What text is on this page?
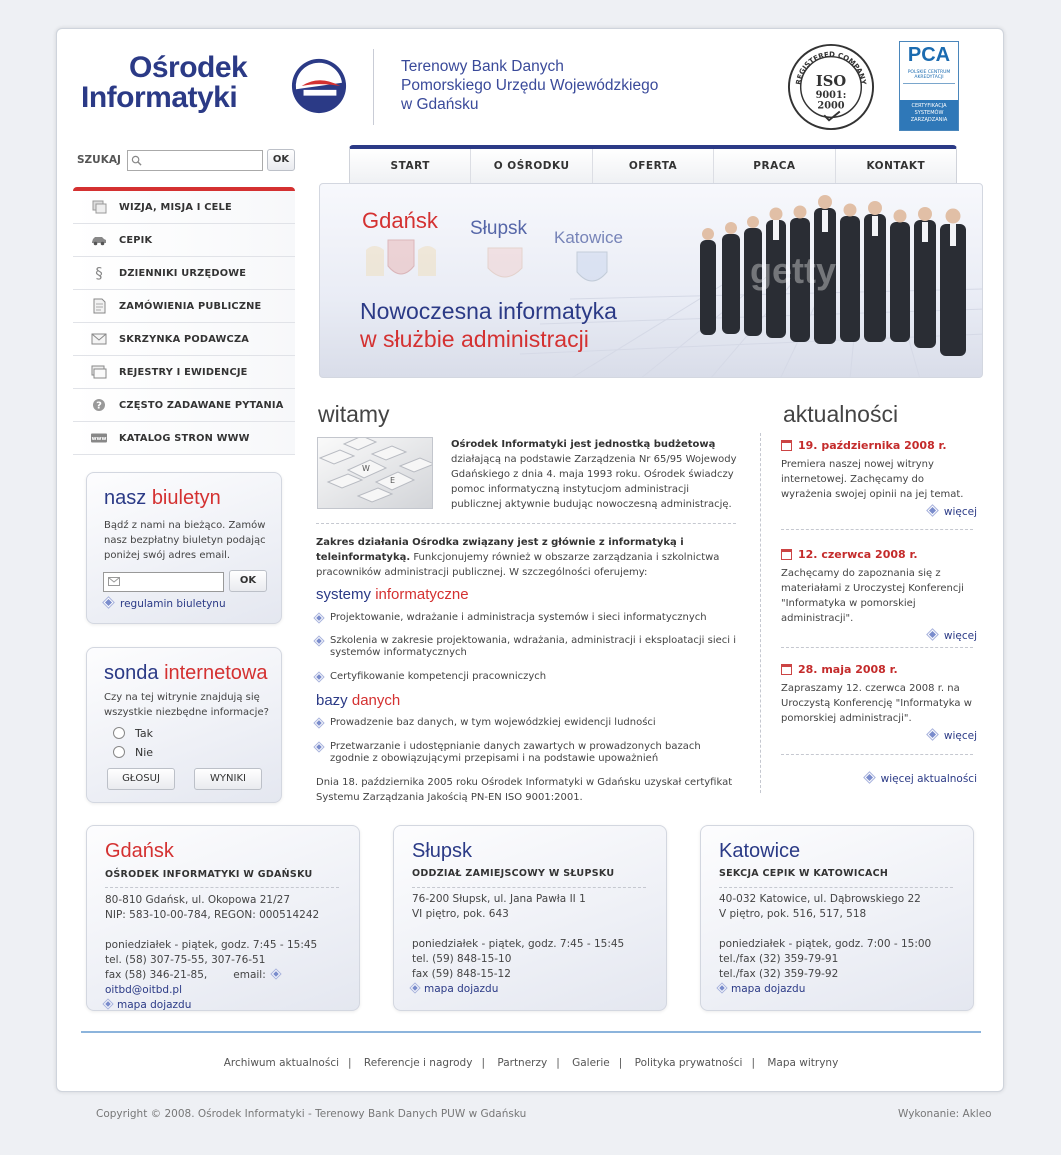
Ośrodek
Informatyki
Terenowy Bank Danych
Pomorskiego Urzędu Wojewódzkiego
w Gdańsku
REGISTERED COMPANY
ISO
9001:
2000
PCA
POLSKIE CENTRUM AKREDYTACJI
CERTYFIKACJA SYSTEMÓW ZARZĄDZANIA
SZUKAJ	OK
START	O OŚRODKU	OFERTA	PRACA	KONTAKT
WIZJA, MISJA I CELE
CEPIK
§	DZIENNIKI URZĘDOWE
ZAMÓWIENIA PUBLICZNE
SKRZYNKA PODAWCZA
REJESTRY I EWIDENCJE
? CZĘSTO ZADAWANE PYTANIA
www KATALOG STRON WWW
nasz biuletyn

Bądź z nami na bieżąco. Zamów nasz bezpłatny biuletyn podając poniżej swój adres email.

OK
regulamin biuletynu
sonda internetowa

Czy na tej witrynie znajdują się wszystkie niezbędne informacje?

Tak
Nie
GŁOSUJ	WYNIKI
Gdańsk Słupsk Katowice
Nowoczesna informatyka
w służbie administracji
getty
witamy
W
E
Ośrodek Informatyki jest jednostką budżetową działającą na podstawie Zarządzenia Nr 65/95 Wojewody Gdańskiego z dnia 4. maja 1993 roku. Ośrodek świadczy pomoc informatyczną instytucjom administracji publicznej aktywnie budując nowoczesną administrację.
Zakres działania Ośrodka związany jest z głównie z informatyką i teleinformatyką. Funkcjonujemy również w obszarze zarządzania i szkolnictwa pracowników administracji publicznej. W szczególności oferujemy:
systemy informatyczne
Projektowanie, wdrażanie i administracja systemów i sieci informatycznych
Szkolenia w zakresie projektowania, wdrażania, administracji i eksploatacji sieci i systemów informatycznych
Certyfikowanie kompetencji pracowniczych
bazy danych
Prowadzenie baz danych, w tym wojewódzkiej ewidencji ludności
Przetwarzanie i udostępnianie danych zawartych w prowadzonych bazach zgodnie z obowiązującymi przepisami i na podstawie upoważnień
Dnia 18. października 2005 roku Ośrodek Informatyki w Gdańsku uzyskał certyfikat Systemu Zarządzania Jakością PN-EN ISO 9001:2001.
aktualności
19. października 2008 r.
Premiera naszej nowej witryny internetowej. Zachęcamy do wyrażenia swojej opinii na jej temat.
więcej
12. czerwca 2008 r.
Zachęcamy do zapoznania się z materiałami z Uroczystej Konferencji "Informatyka w pomorskiej administracji".
więcej
28. maja 2008 r.
Zapraszamy 12. czerwca 2008 r. na Uroczystą Konferencję "Informatyka w pomorskiej administracji".
więcej
więcej aktualności
Gdańsk
OŚRODEK INFORMATYKI W GDAŃSKU
80-810 Gdańsk, ul. Okopowa 21/27
NIP: 583-10-00-784, REGON: 000514242
poniedziałek - piątek, godz. 7:45 - 15:45
tel. (58) 307-75-55, 307-76-51
fax (58) 346-21-85, email: oitbd@oitbd.pl
mapa dojazdu
Słupsk
ODDZIAŁ ZAMIEJSCOWY W SŁUPSKU
76-200 Słupsk, ul. Jana Pawła II 1
VI piętro, pok. 643
poniedziałek - piątek, godz. 7:45 - 15:45
tel. (59) 848-15-10
fax (59) 848-15-12
mapa dojazdu
Katowice
SEKCJA CEPIK W KATOWICACH
40-032 Katowice, ul. Dąbrowskiego 22
V piętro, pok. 516, 517, 518
poniedziałek - piątek, godz. 7:00 - 15:00
tel./fax (32) 359-79-91
tel./fax (32) 359-79-92
mapa dojazdu
Archiwum aktualności | Referencje i nagrody | Partnerzy | Galerie | Polityka prywatności | Mapa witryny
Copyright © 2008. Ośrodek Informatyki - Terenowy Bank Danych PUW w Gdańsku	Wykonanie: Akleo
